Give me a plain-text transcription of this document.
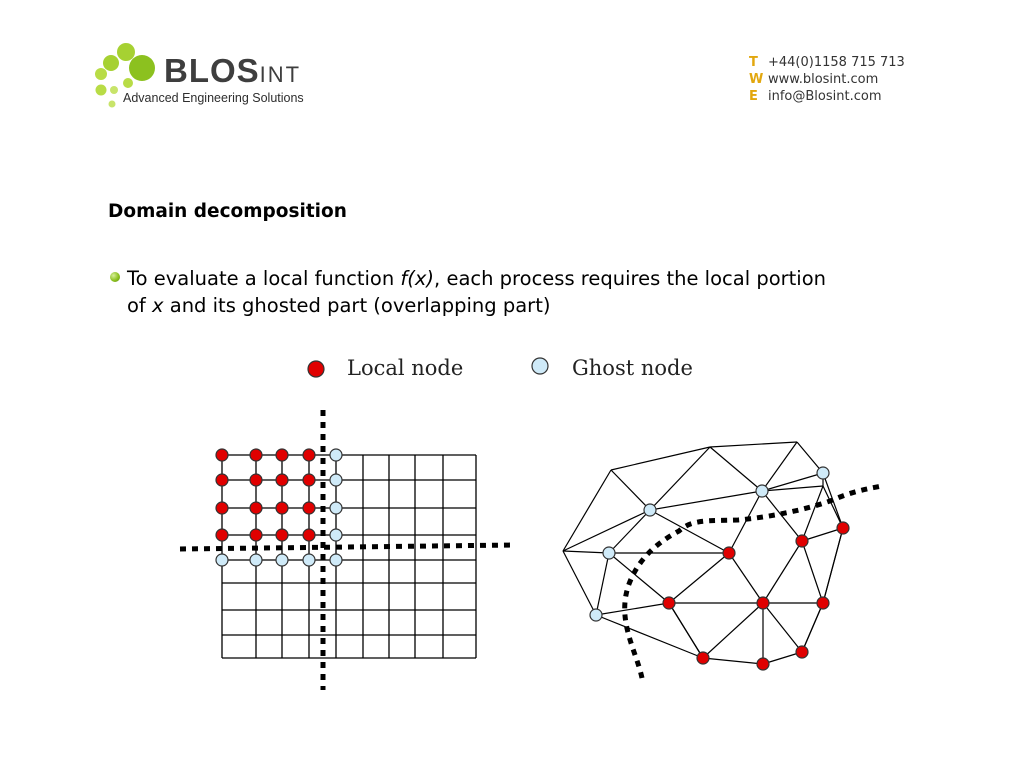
BLOSINT
Advanced Engineering Solutions
T +44(0)1158 715 713
W www.blosint.com
E info@Blosint.com
Domain decomposition
To evaluate a local function f(x), each process requires the local portion
of x and its ghosted part (overlapping part)
Local node	Ghost node
